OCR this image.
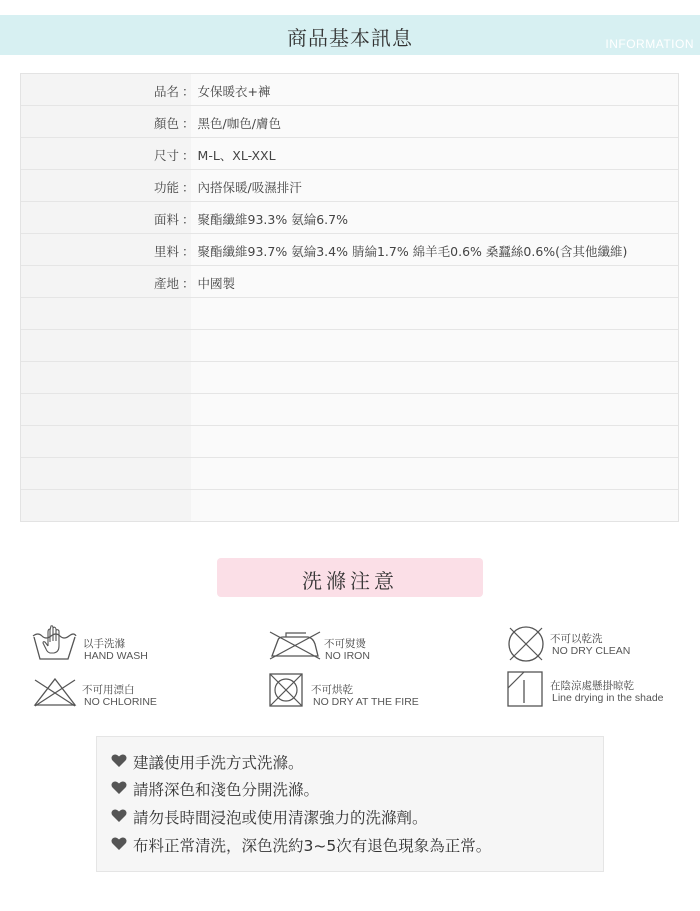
商品基本訊息	INFORMATION
品名 ： 女保暖衣+褲
顏色 ： 黑色/咖色/膚色
尺寸 ： M-L、XL-XXL
功能 ： 內搭保暖/吸濕排汗
面料 ： 聚酯纖維93.3% 氨綸6.7%
里料 ： 聚酯纖維93.7% 氨綸3.4% 腈綸1.7% 綿羊毛0.6% 桑蠶絲0.6%(含其他纖維)
產地 ： 中國製
洗滌注意
以手洗滌
HAND WASH
不可熨燙
NO IRON
不可以乾洗
NO DRY CLEAN
不可用漂白
NO CHLORINE
不可烘乾
NO DRY AT THE FIRE
在陰涼處懸掛晾乾
Line drying in the shade
建議使用手洗方式洗滌。
請將深色和淺色分開洗滌。
請勿長時間浸泡或使用清潔強力的洗滌劑。
布料正常清洗，深色洗約3~5次有退色現象為正常。
